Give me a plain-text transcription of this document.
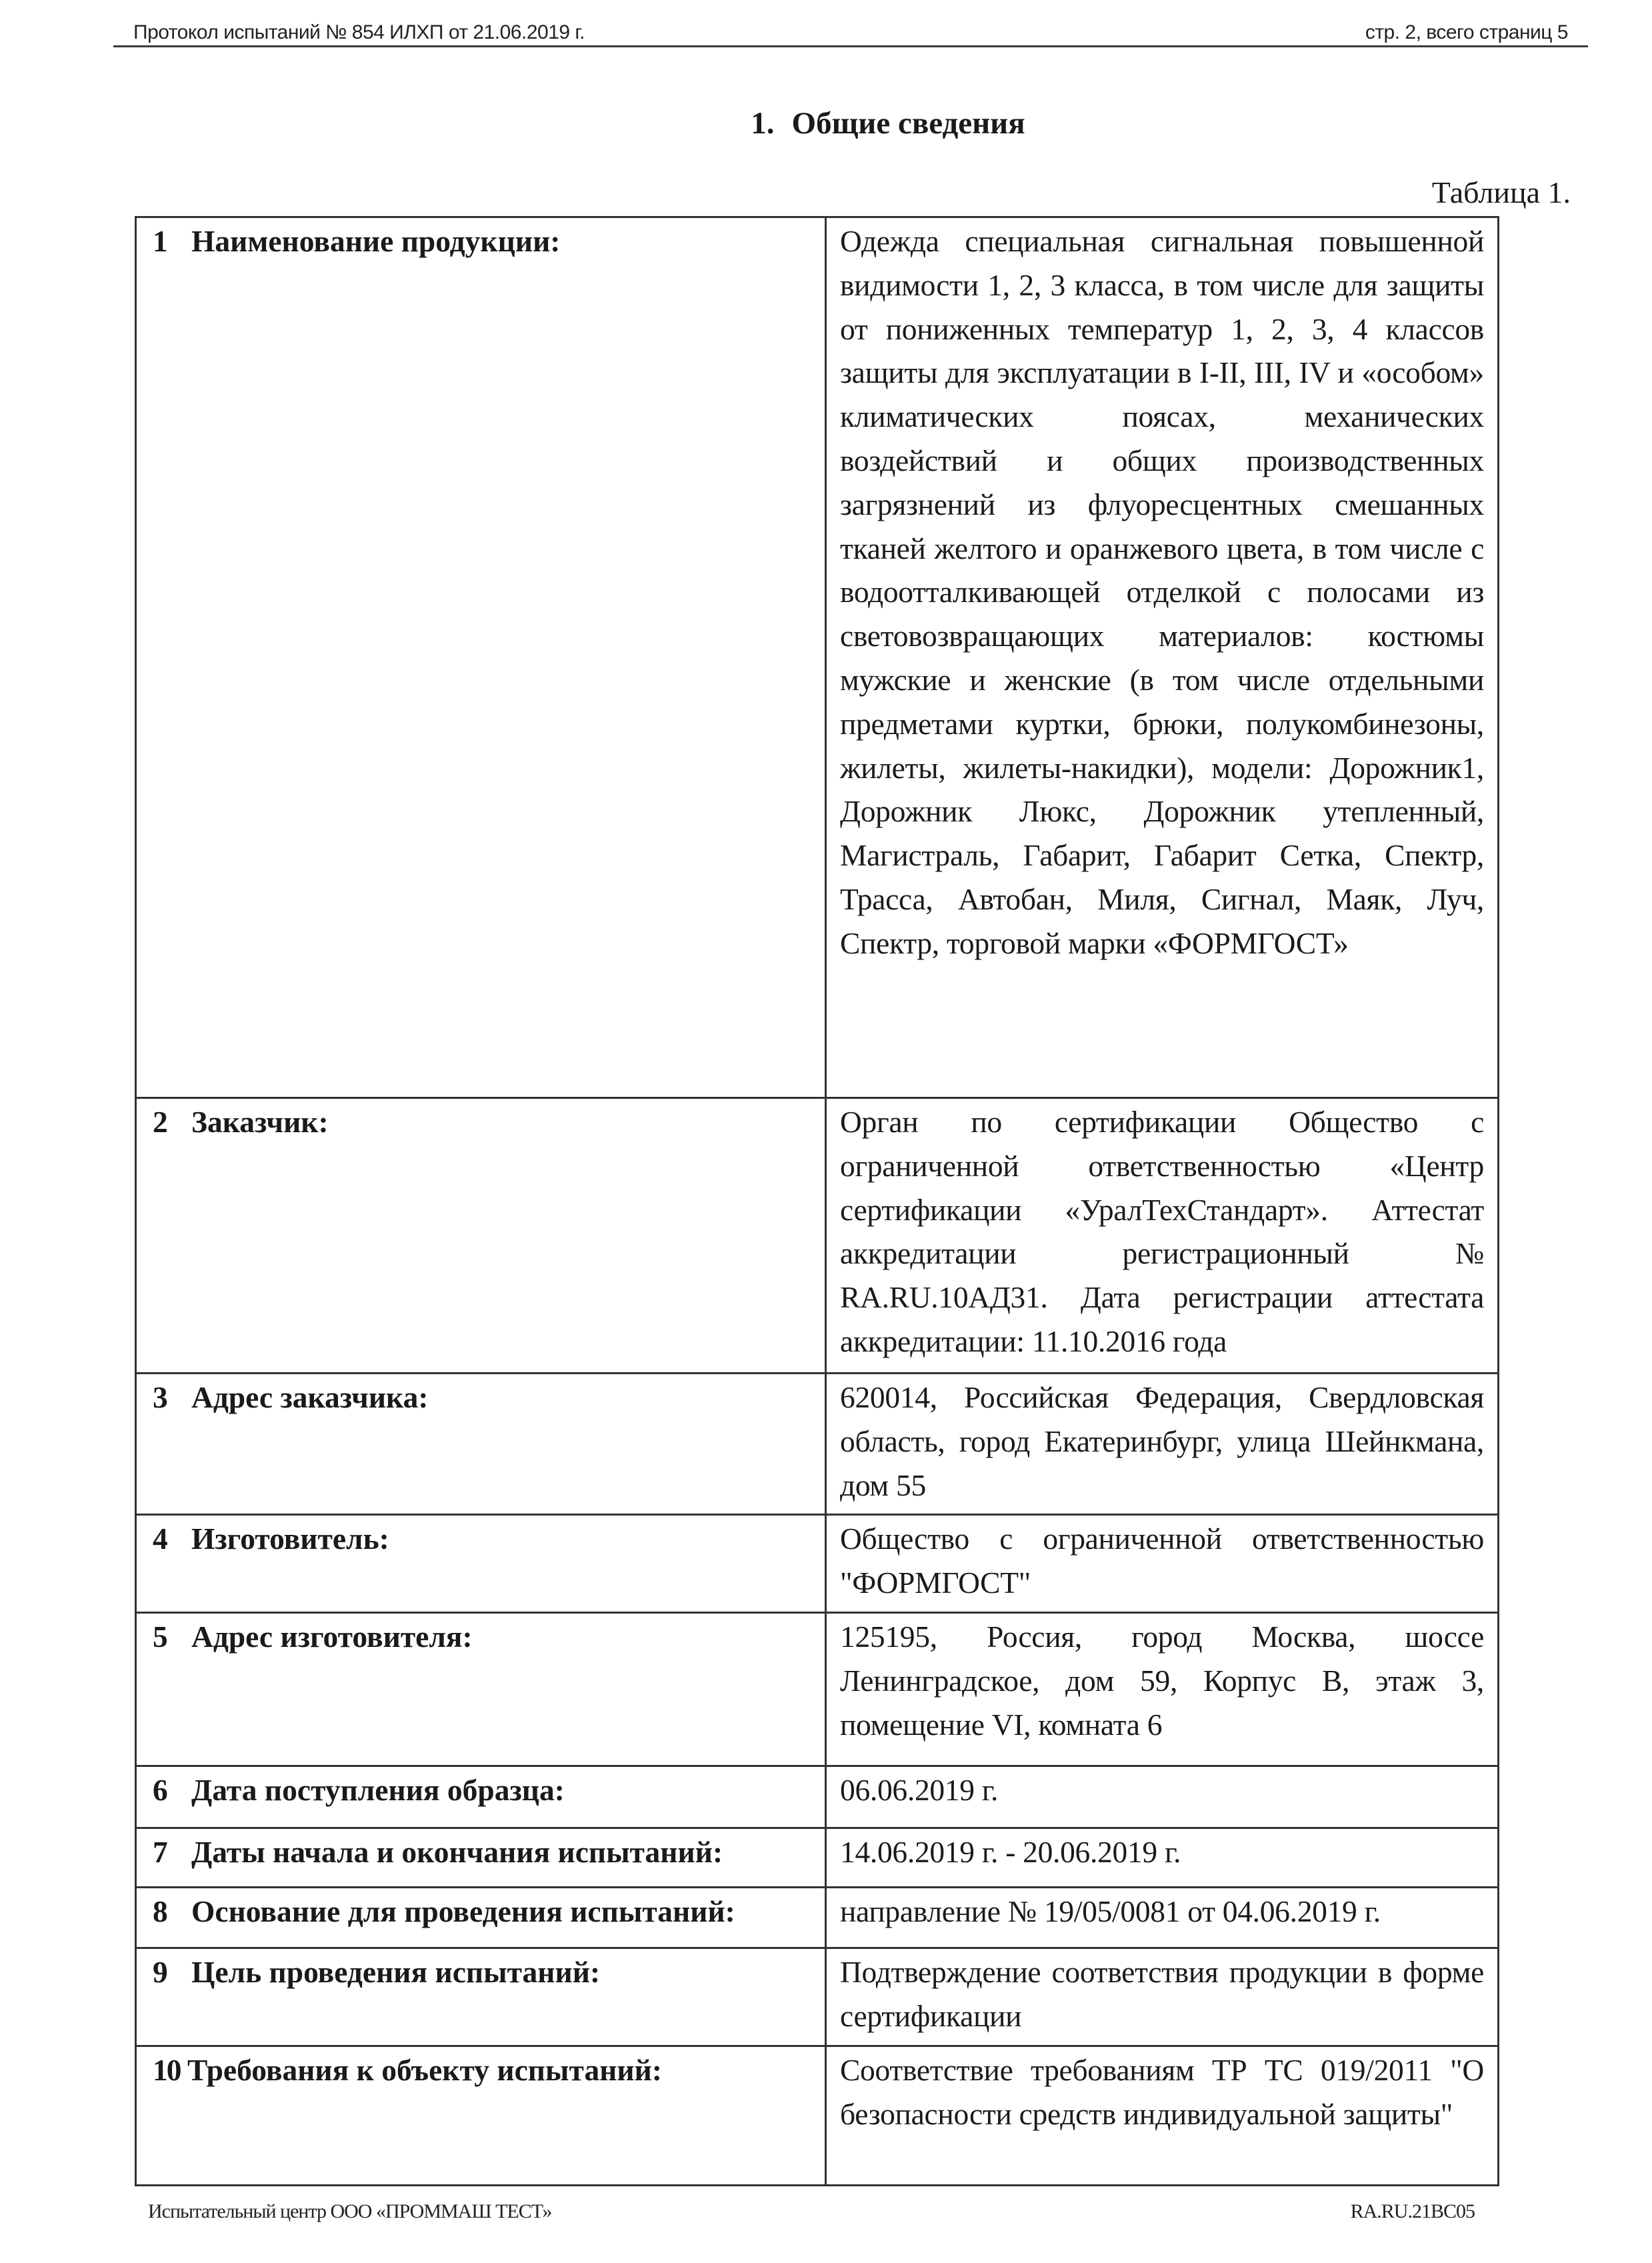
Протокол испытаний № 854 ИЛХП от 21.06.2019 г.	стр. 2, всего страниц 5
1. Общие сведения
Таблица 1.
1 Наименование продукции:	Одежда специальная сигнальная повышенной видимости 1, 2, 3 класса, в том числе для защиты от пониженных температур 1, 2, 3, 4 классов защиты для эксплуатации в I-II, III, IV и «особом» климатических поясах, механических воздействий и общих производственных загрязнений из флуоресцентных смешанных тканей желтого и оранжевого цвета, в том числе с водоотталкивающей отделкой с полосами из световозвращающих материалов: костюмы мужские и женские (в том числе отдельными предметами куртки, брюки, полукомбинезоны, жилеты, жилеты-накидки), модели: Дорожник1, Дорожник Люкс, Дорожник утепленный, Магистраль, Габарит, Габарит Сетка, Спектр, Трасса, Автобан, Миля, Сигнал, Маяк, Луч, Спектр, торговой марки «ФОРМГОСТ»

2 Заказчик:	Орган по сертификации Общество с ограниченной ответственностью «Центр сертификации «УралТехСтандарт». Аттестат аккредитации регистрационный № RA.RU.10АД31. Дата регистрации аттестата аккредитации: 11.10.2016 года

3 Адрес заказчика:	620014, Российская Федерация, Свердловская область, город Екатеринбург, улица Шейнкмана, дом 55

4 Изготовитель:	Общество с ограниченной ответственностью "ФОРМГОСТ"

5 Адрес изготовителя:	125195, Россия, город Москва, шоссе Ленинградское, дом 59, Корпус В, этаж 3, помещение VI, комната 6

6 Дата поступления образца:	06.06.2019 г.

7 Даты начала и окончания испытаний:	14.06.2019 г. - 20.06.2019 г.

8 Основание для проведения испытаний:	направление № 19/05/0081 от 04.06.2019 г.

9 Цель проведения испытаний:	Подтверждение соответствия продукции в форме сертификации

10 Требования к объекту испытаний:	Соответствие требованиям ТР ТС 019/2011 "О безопасности средств индивидуальной защиты"
Испытательный центр ООО «ПРОММАШ ТЕСТ»	RA.RU.21ВС05
